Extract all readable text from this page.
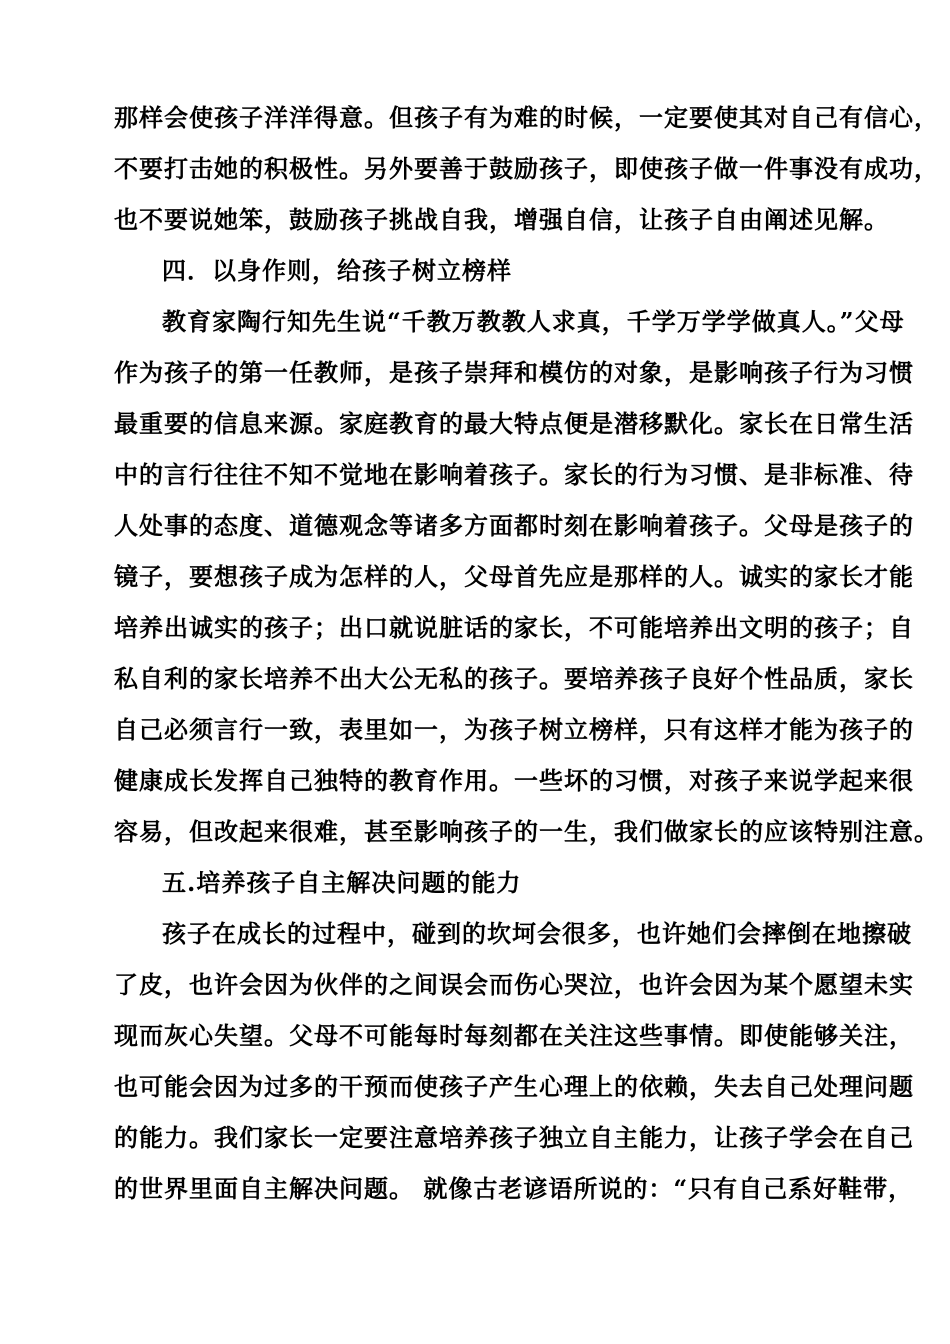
那样会使孩子洋洋得意。但孩子有为难的时候，一定要使其对自己有信心，
不要打击她的积极性。另外要善于鼓励孩子，即使孩子做一件事没有成功，
也不要说她笨，鼓励孩子挑战自我，增强自信，让孩子自由阐述见解。
四．以身作则，给孩子树立榜样
教育家陶行知先生说“千教万教教人求真，千学万学学做真人。”父母
作为孩子的第一任教师，是孩子崇拜和模仿的对象，是影响孩子行为习惯
最重要的信息来源。家庭教育的最大特点便是潜移默化。家长在日常生活
中的言行往往不知不觉地在影响着孩子。家长的行为习惯、是非标准、待
人处事的态度、道德观念等诸多方面都时刻在影响着孩子。父母是孩子的
镜子，要想孩子成为怎样的人，父母首先应是那样的人。诚实的家长才能
培养出诚实的孩子；出口就说脏话的家长，不可能培养出文明的孩子；自
私自利的家长培养不出大公无私的孩子。要培养孩子良好个性品质，家长
自己必须言行一致，表里如一，为孩子树立榜样，只有这样才能为孩子的
健康成长发挥自己独特的教育作用。一些坏的习惯，对孩子来说学起来很
容易，但改起来很难，甚至影响孩子的一生，我们做家长的应该特别注意。
五.培养孩子自主解决问题的能力
孩子在成长的过程中，碰到的坎坷会很多，也许她们会摔倒在地擦破
了皮，也许会因为伙伴的之间误会而伤心哭泣，也许会因为某个愿望未实
现而灰心失望。父母不可能每时每刻都在关注这些事情。即使能够关注，
也可能会因为过多的干预而使孩子产生心理上的依赖，失去自己处理问题
的能力。我们家长一定要注意培养孩子独立自主能力，让孩子学会在自己
的世界里面自主解决问题。 就像古老谚语所说的：“只有自己系好鞋带，
